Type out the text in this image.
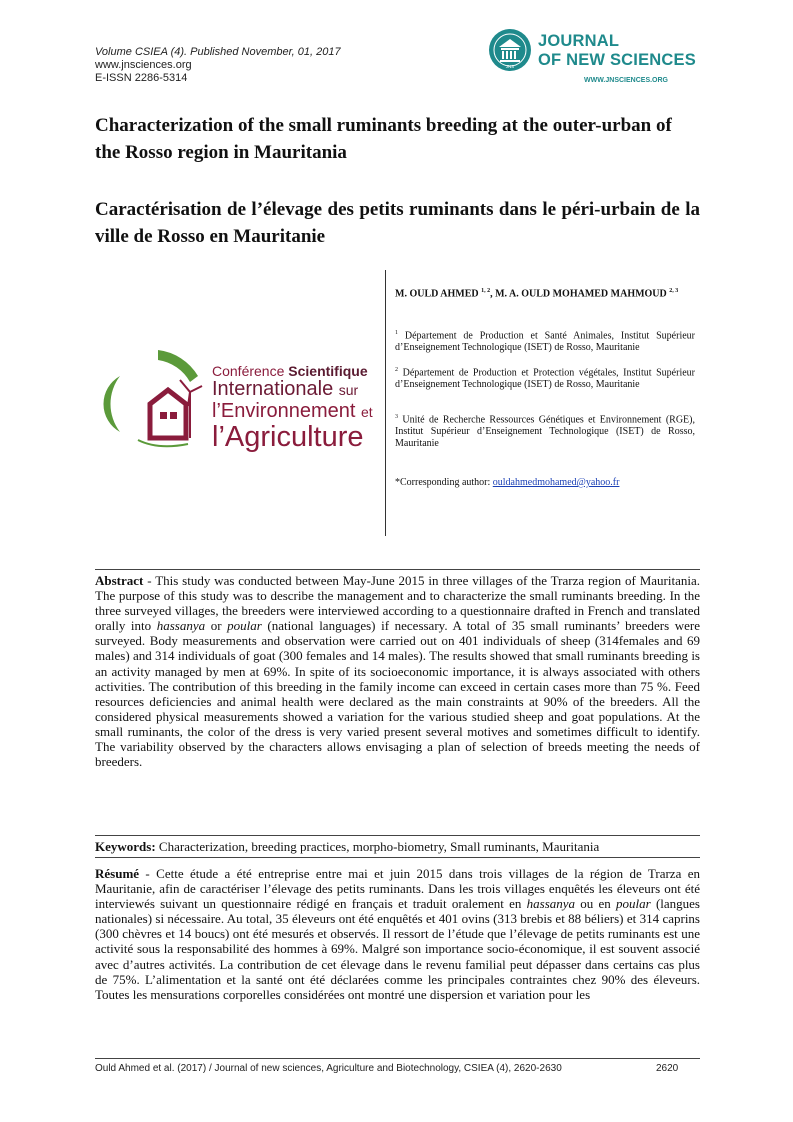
Volume CSIEA (4). Published November, 01, 2017
www.jnsciences.org
E-ISSN 2286-5314
JNS
JOURNAL
OF NEW SCIENCES
WWW.JNSCIENCES.ORG
Characterization of the small ruminants breeding at the outer-urban of the Rosso region in Mauritania
Caractérisation de l’élevage des petits ruminants dans le péri-urbain de la ville de Rosso en Mauritanie
Conférence Scientifique
Internationale sur
l’Environnement et
l’Agriculture

M. OULD AHMED $^{1, 2}$, M. A. OULD MOHAMED MAHMOUD $^{2, 3}$

$^1$ Département de Production et Santé Animales, Institut Supérieur d’Enseignement Technologique (ISET) de Rosso, Mauritanie

$^2$ Département de Production et Protection végétales, Institut Supérieur d’Enseignement Technologique (ISET) de Rosso, Mauritanie

$^3$ Unité de Recherche Ressources Génétiques et Environnement (RGE), Institut Supérieur d’Enseignement Technologique (ISET) de Rosso, Mauritanie

*Corresponding author: ouldahmedmohamed@yahoo.fr

Abstract - This study was conducted between May-June 2015 in three villages of the Trarza region of Mauritania. The purpose of this study was to describe the management and to characterize the small ruminants breeding. In the three surveyed villages, the breeders were interviewed according to a questionnaire drafted in French and translated orally into hassanya or poular (national languages) if necessary. A total of 35 small ruminants’ breeders were surveyed. Body measurements and observation were carried out on 401 individuals of sheep (314females and 69 males) and 314 individuals of goat (300 females and 14 males). The results showed that small ruminants breeding is an activity managed by men at 69%. In spite of its socioeconomic importance, it is always associated with others activities. The contribution of this breeding in the family income can exceed in certain cases more than 75 %. Feed resources deficiencies and animal health were declared as the main constraints at 90% of the breeders. All the considered physical measurements showed a variation for the various studied sheep and goat populations. At the small ruminants, the color of the dress is very varied present several motives and sometimes difficult to identify. The variability observed by the characters allows envisaging a plan of selection of breeds meeting the needs of breeders.

Keywords: Characterization, breeding practices, morpho-biometry, Small ruminants, Mauritania

Résumé - Cette étude a été entreprise entre mai et juin 2015 dans trois villages de la région de Trarza en Mauritanie, afin de caractériser l’élevage des petits ruminants. Dans les trois villages enquêtés les éleveurs ont été interviewés suivant un questionnaire rédigé en français et traduit oralement en hassanya ou en poular (langues nationales) si nécessaire. Au total, 35 éleveurs ont été enquêtés et 401 ovins (313 brebis et 88 béliers) et 314 caprins (300 chèvres et 14 boucs) ont été mesurés et observés. Il ressort de l’étude que l’élevage de petits ruminants est une activité sous la responsabilité des hommes à 69%. Malgré son importance socio-économique, il est souvent associé avec d’autres activités. La contribution de cet élevage dans le revenu familial peut dépasser dans certains cas plus de 75%. L’alimentation et la santé ont été déclarées comme les principales contraintes chez 90% des éleveurs. Toutes les mensurations corporelles considérées ont montré une dispersion et variation pour les

Ould Ahmed et al. (2017) / Journal of new sciences, Agriculture and Biotechnology, CSIEA (4), 2620-2630	2620
